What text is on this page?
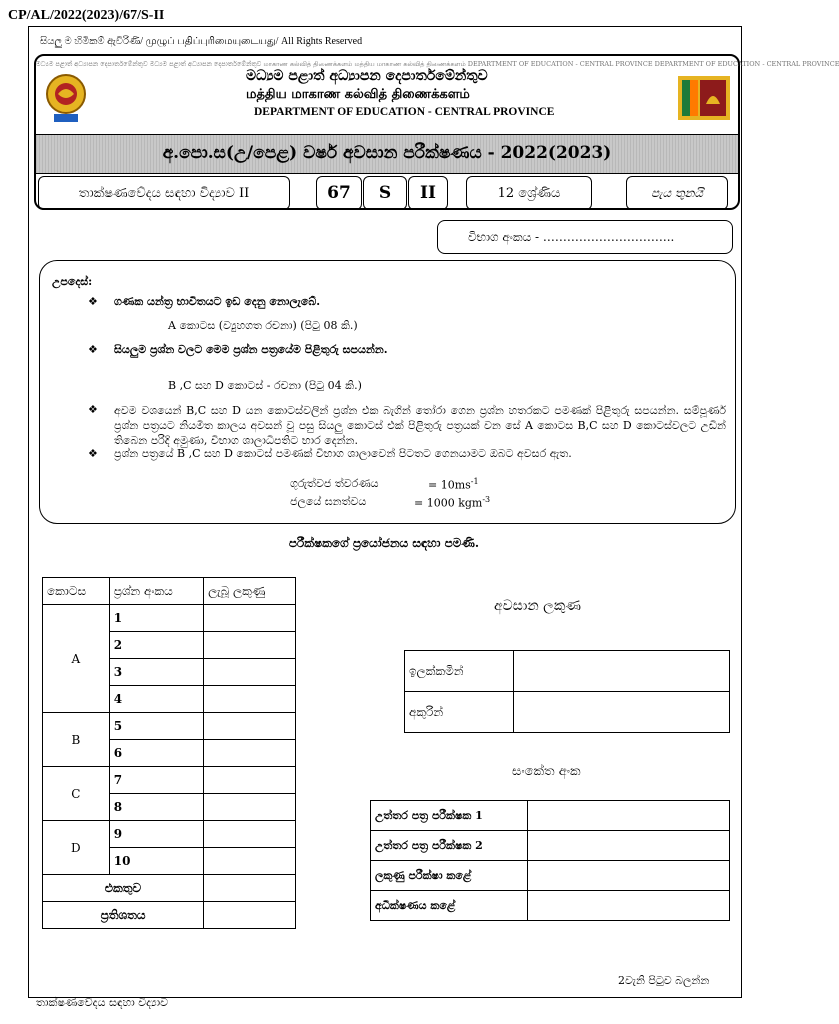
CP/AL/2022(2023)/67/S-II
සියලු ම හිමිකම් ඇවිරිණි/ முழுப் பதிப்புரிமையுடையது/ All Rights Reserved
මධ්‍යම පළාත් අධ්‍යාපන දෙපාර්තමේන්තුව මධ්‍යම පළාත් අධ්‍යාපන දෙපාර්තමේන්තුව மாகாண கல்வித் திணைக்களம் மத்திய மாகாண கல்வித் திணைக்களம் DEPARTMENT OF EDUCATION - CENTRAL PROVINCE DEPARTMENT OF EDUCATION - CENTRAL PROVINCE
මධ්‍යම පළාත් අධ්‍යාපන දෙපාර්තමේන්තුව
மத்திய மாகாண கல்வித் திணைக்களம்
DEPARTMENT OF EDUCATION - CENTRAL PROVINCE
අ.පො.ස(උ/පෙළ) වර්ෂ අවසාන පරීක්ෂණය - 2022(2023)
තාක්ෂණවේදය සඳහා විද්‍යාව II	67	S	II	12 ශ්‍රේණිය	පැය තුනයි
විභාග අංකය - …………………………...
උපදෙස්:
❖ ගණක යන්ත්‍ර භාවිතයට ඉඩ දෙනු නොලැබේ.
A කොටස (ව්‍යුහගත රචනා) (පිටු 08 කි.)
❖ සියලුම ප්‍රශ්න වලට මෙම ප්‍රශ්න පත්‍රයේම පිළිතුරු සපයන්න.
B ,C සහ D කොටස් - රචනා (පිටු 04 කි.)
❖ අවම වශයෙන් B,C සහ D යන කොටස්වලින් ප්‍රශ්න එක බැගින් තෝරා ගෙන ප්‍රශ්න හතරකට පමණක් පිළිතුරු සපයන්න. සම්පූර්ණ ප්‍රශ්න පත්‍රයට නියමිත කාලය අවසන් වූ පසු සියලු කොටස් එක් පිළිතුරු පත්‍රයක් වන සේ A කොටස B,C සහ D කොටස්වලට උඩින් තිබෙන පරිදි අමුණා, විභාග ශාලාධිපතිට භාර දෙන්න.
❖ ප්‍රශ්න පත්‍රයේ B ,C සහ D කොටස් පමණක් විභාග ශාලාවෙන් පිටතට ගෙනයාමට ඔබට අවසර ඇත.
ගුරුත්වජ ත්වරණය	= $10ms^{-1}$
ජලයේ ඝනත්වය	= 1000 kgm$^{-3}$
පරීක්ෂකගේ ප්‍රයෝජනය සඳහා පමණි.
කොටස	ප්‍රශ්න අංකය	ලැබූ ලකුණු
A	1	
	2	
	3	
	4	
B	5	
	6	
C	7	
	8	
D	9	
	10	
එකතුව		
ප්‍රතිශතය		
අවසාන ලකුණ
ඉලක්කමින්	
අකුරින්	
සංකේත අංක
උත්තර පත්‍ර පරීක්ෂක 1	
උත්තර පත්‍ර පරීක්ෂක 2	
ලකුණු පරීක්ෂා කළේ	
අධීක්ෂණය කළේ	
2වැනි පිටුව බලන්න
තාක්ෂණවේදය සඳහා විද්‍යාව
